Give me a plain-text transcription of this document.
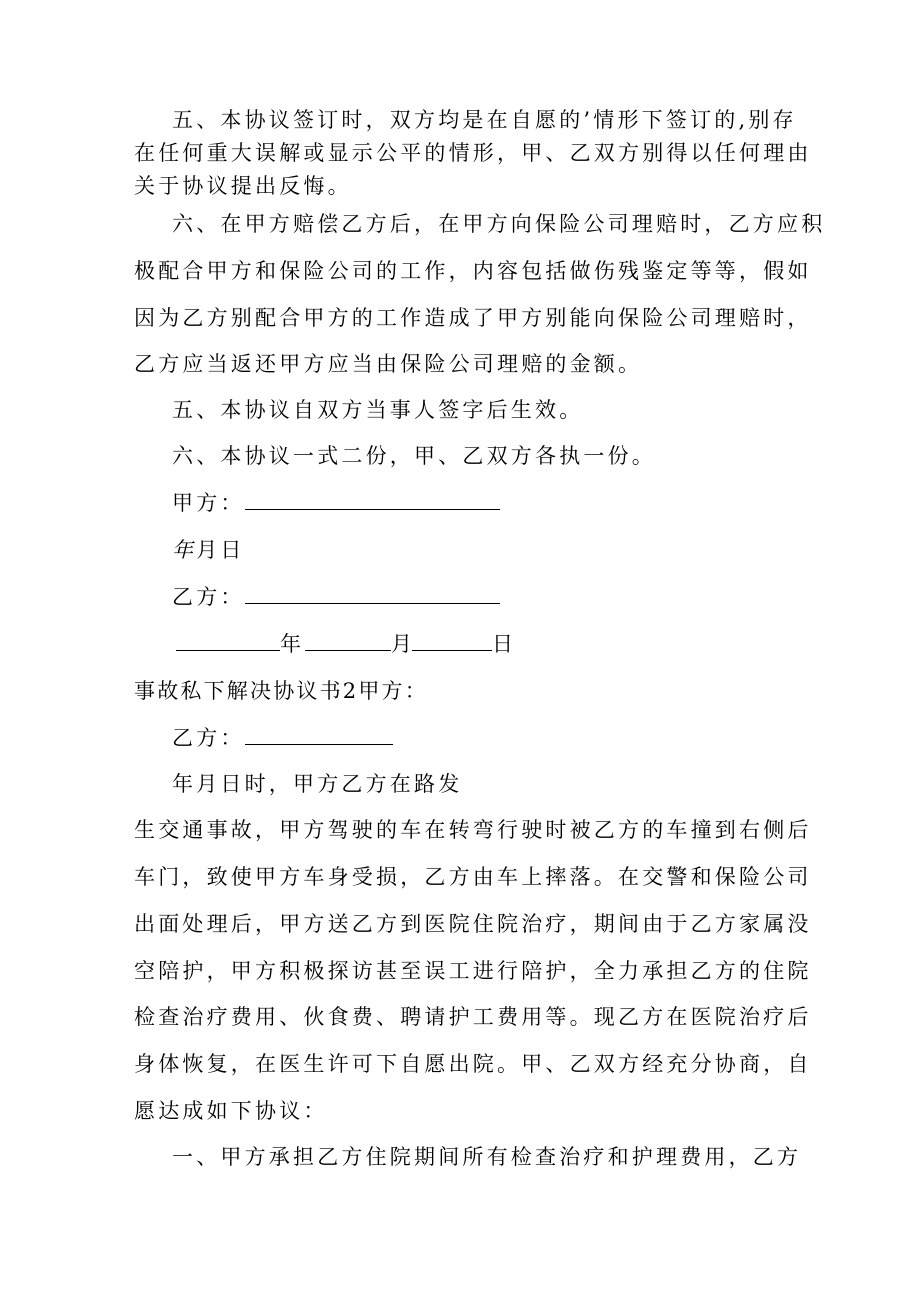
五、本协议签订时，双方均是在自愿的’情形下签订的,别存
在任何重大误解或显示公平的情形，甲、乙双方别得以任何理由
关于协议提出反悔。
六、在甲方赔偿乙方后，在甲方向保险公司理赔时，乙方应积
极配合甲方和保险公司的工作，内容包括做伤残鉴定等等，假如
因为乙方别配合甲方的工作造成了甲方别能向保险公司理赔时，
乙方应当返还甲方应当由保险公司理赔的金额。
五、本协议自双方当事人签字后生效。
六、本协议一式二份，甲、乙双方各执一份。
甲方：
年月日
乙方：
年	月	日
事故私下解决协议书2甲方：
乙方：
年月日时，甲方乙方在路发
生交通事故，甲方驾驶的车在转弯行驶时被乙方的车撞到右侧后
车门，致使甲方车身受损，乙方由车上摔落。在交警和保险公司
出面处理后，甲方送乙方到医院住院治疗，期间由于乙方家属没
空陪护，甲方积极探访甚至误工进行陪护，全力承担乙方的住院
检查治疗费用、伙食费、聘请护工费用等。现乙方在医院治疗后
身体恢复，在医生许可下自愿出院。甲、乙双方经充分协商，自
愿达成如下协议：
一、甲方承担乙方住院期间所有检查治疗和护理费用，乙方
